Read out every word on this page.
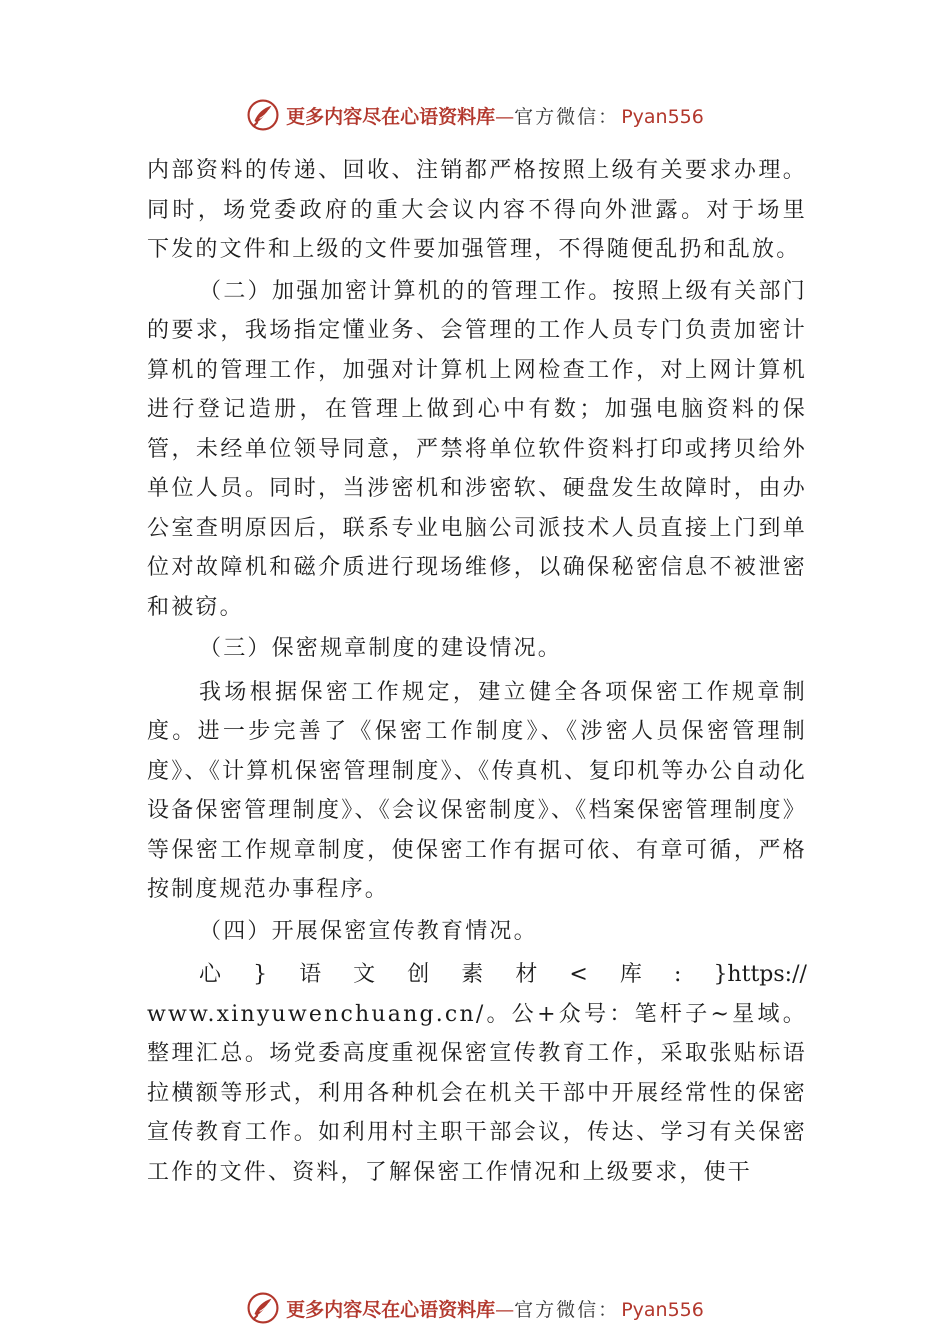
更多内容尽在心语资料库 — 官方微信： Pyan556

内部资料的传递、回收、注销都严格按照上级有关要求办理。同时，场党委政府的重大会议内容不得向外泄露。对于场里 下发的文件和上级的文件要加强管理，不得随便乱扔和乱放。

（二）加强加密计算机的的管理工作。按照上级有关部门的要求，我场指定懂业务、会管理的工作人员专门负责加密计算机的管理工作，加强对计算机上网检查工作，对上网计算机进行登记造册，在管理上做到心中有数；加强电脑资料的保管，未经单位领导同意，严禁将单位软件资料打印或拷贝给外单位人员。同时，当涉密机和涉密软、硬盘发生故障时，由办公室查明原因后，联系专业电脑公司派技术人员直接上门到单位对故障机和磁介质进行现场维修，以确保秘密信息不被泄密和被窃。

（三）保密规章制度的建设情况。

我场根据保密工作规定，建立健全各项保密工作规章制度。进一步完善了《保密工作制度》、《涉密人员保密管理制度》、《计算机保密管理制度》、《传真机、复印机等办公自动化设备保密管理制度》、《会议保密制度》、《档案保密管理制度》等保密工作规章制度，使保密工作有据可依、有章可循，严格按制度规范办事程序。

（四）开展保密宣传教育情况。

心 } 语 文 创 素 材 < 库 : }https://

www.xinyuwenchuang.cn/。公+众号：笔杆子~星域。整理汇总。场党委高度重视保密宣传教育工作，采取张贴标语拉横额等形式，利用各种机会在机关干部中开展经常性的保密宣传教育工作。如利用村主职干部会议，传达、学习有关保密工作的文件、资料，了解保密工作情况和上级要求，使干

更多内容尽在心语资料库 — 官方微信： Pyan556
